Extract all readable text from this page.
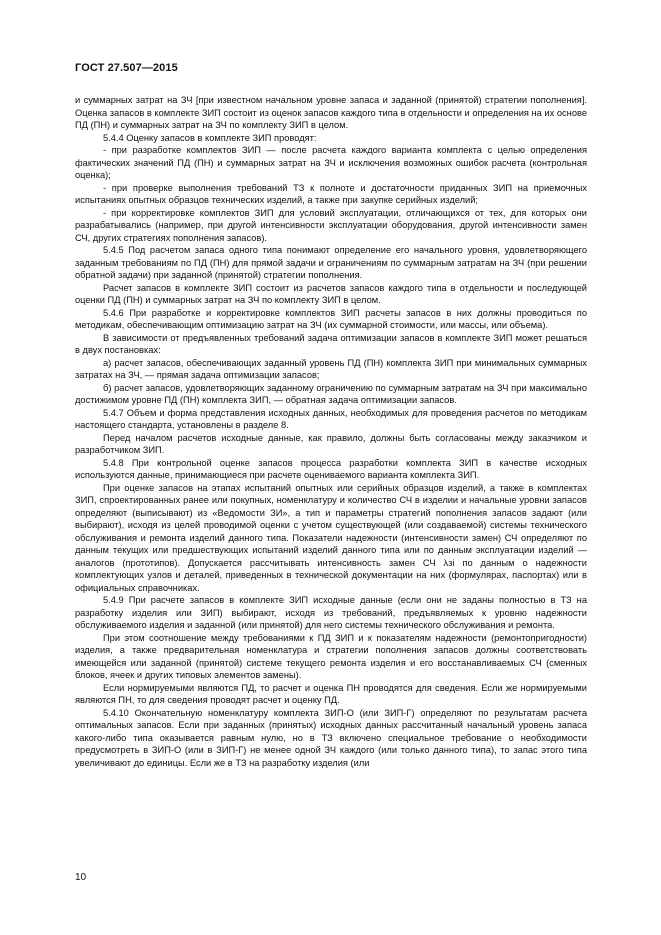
ГОСТ 27.507—2015

и суммарных затрат на ЗЧ [при известном начальном уровне запаса и заданной (принятой) стратегии пополнения]. Оценка запасов в комплекте ЗИП состоит из оценок запасов каждого типа в отдельности и определения на их основе ПД (ПН) и суммарных затрат на ЗЧ по комплекту ЗИП в целом.

5.4.4 Оценку запасов в комплекте ЗИП проводят:

- при разработке комплектов ЗИП — после расчета каждого варианта комплекта с целью определения фактических значений ПД (ПН) и суммарных затрат на ЗЧ и исключения возможных ошибок расчета (контрольная оценка);

- при проверке выполнения требований ТЗ к полноте и достаточности приданных ЗИП на приемочных испытаниях опытных образцов технических изделий, а также при закупке серийных изделий;

- при корректировке комплектов ЗИП для условий эксплуатации, отличающихся от тех, для которых они разрабатывались (например, при другой интенсивности эксплуатации оборудования, другой интенсивности замен СЧ, других стратегиях пополнения запасов).

5.4.5 Под расчетом запаса одного типа понимают определение его начального уровня, удовлетворяющего заданным требованиям по ПД (ПН) для прямой задачи и ограничениям по суммарным затратам на ЗЧ (при решении обратной задачи) при заданной (принятой) стратегии пополнения.

Расчет запасов в комплекте ЗИП состоит из расчетов запасов каждого типа в отдельности и последующей оценки ПД (ПН) и суммарных затрат на ЗЧ по комплекту ЗИП в целом.

5.4.6 При разработке и корректировке комплектов ЗИП расчеты запасов в них должны проводиться по методикам, обеспечивающим оптимизацию затрат на ЗЧ (их суммарной стоимости, или массы, или объема).

В зависимости от предъявленных требований задача оптимизации запасов в комплекте ЗИП может решаться в двух постановках:

а) расчет запасов, обеспечивающих заданный уровень ПД (ПН) комплекта ЗИП при минимальных суммарных затратах на ЗЧ, — прямая задача оптимизации запасов;

б) расчет запасов, удовлетворяющих заданному ограничению по суммарным затратам на ЗЧ при максимально достижимом уровне ПД (ПН) комплекта ЗИП, — обратная задача оптимизации запасов.

5.4.7 Объем и форма представления исходных данных, необходимых для проведения расчетов по методикам настоящего стандарта, установлены в разделе 8.

Перед началом расчетов исходные данные, как правило, должны быть согласованы между заказчиком и разработчиком ЗИП.

5.4.8 При контрольной оценке запасов процесса разработки комплекта ЗИП в качестве исходных используются данные, принимающиеся при расчете оцениваемого варианта комплекта ЗИП.

При оценке запасов на этапах испытаний опытных или серийных образцов изделий, а также в комплектах ЗИП, спроектированных ранее или покупных, номенклатуру и количество СЧ в изделии и начальные уровни запасов определяют (выписывают) из «Ведомости ЗИ», а тип и параметры стратегий пополнения запасов задают (или выбирают), исходя из целей проводимой оценки с учетом существующей (или создаваемой) системы технического обслуживания и ремонта изделий данного типа. Показатели надежности (интенсивности замен) СЧ определяют по данным текущих или предшествующих испытаний изделий данного типа или по данным эксплуатации изделий — аналогов (прототипов). Допускается рассчитывать интенсивность замен СЧ λзi по данным о надежности комплектующих узлов и деталей, приведенных в технической документации на них (формулярах, паспортах) или в официальных справочниках.

5.4.9 При расчете запасов в комплекте ЗИП исходные данные (если они не заданы полностью в ТЗ на разработку изделия или ЗИП) выбирают, исходя из требований, предъявляемых к уровню надежности обслуживаемого изделия и заданной (или принятой) для него системы технического обслуживания и ремонта.

При этом соотношение между требованиями к ПД ЗИП и к показателям надежности (ремонтопригодности) изделия, а также предварительная номенклатура и стратегии пополнения запасов должны соответствовать имеющейся или заданной (принятой) системе текущего ремонта изделия и его восстанавливаемых СЧ (сменных блоков, ячеек и других типовых элементов замены).

Если нормируемыми являются ПД, то расчет и оценка ПН проводятся для сведения. Если же нормируемыми являются ПН, то для сведения проводят расчет и оценку ПД.

5.4.10 Окончательную номенклатуру комплекта ЗИП-О (или ЗИП-Г) определяют по результатам расчета оптимальных запасов. Если при заданных (принятых) исходных данных рассчитанный начальный уровень запаса какого-либо типа оказывается равным нулю, но в ТЗ включено специальное требование о необходимости предусмотреть в ЗИП-О (или в ЗИП-Г) не менее одной ЗЧ каждого (или только данного типа), то запас этого типа увеличивают до единицы. Если же в ТЗ на разработку изделия (или

10
